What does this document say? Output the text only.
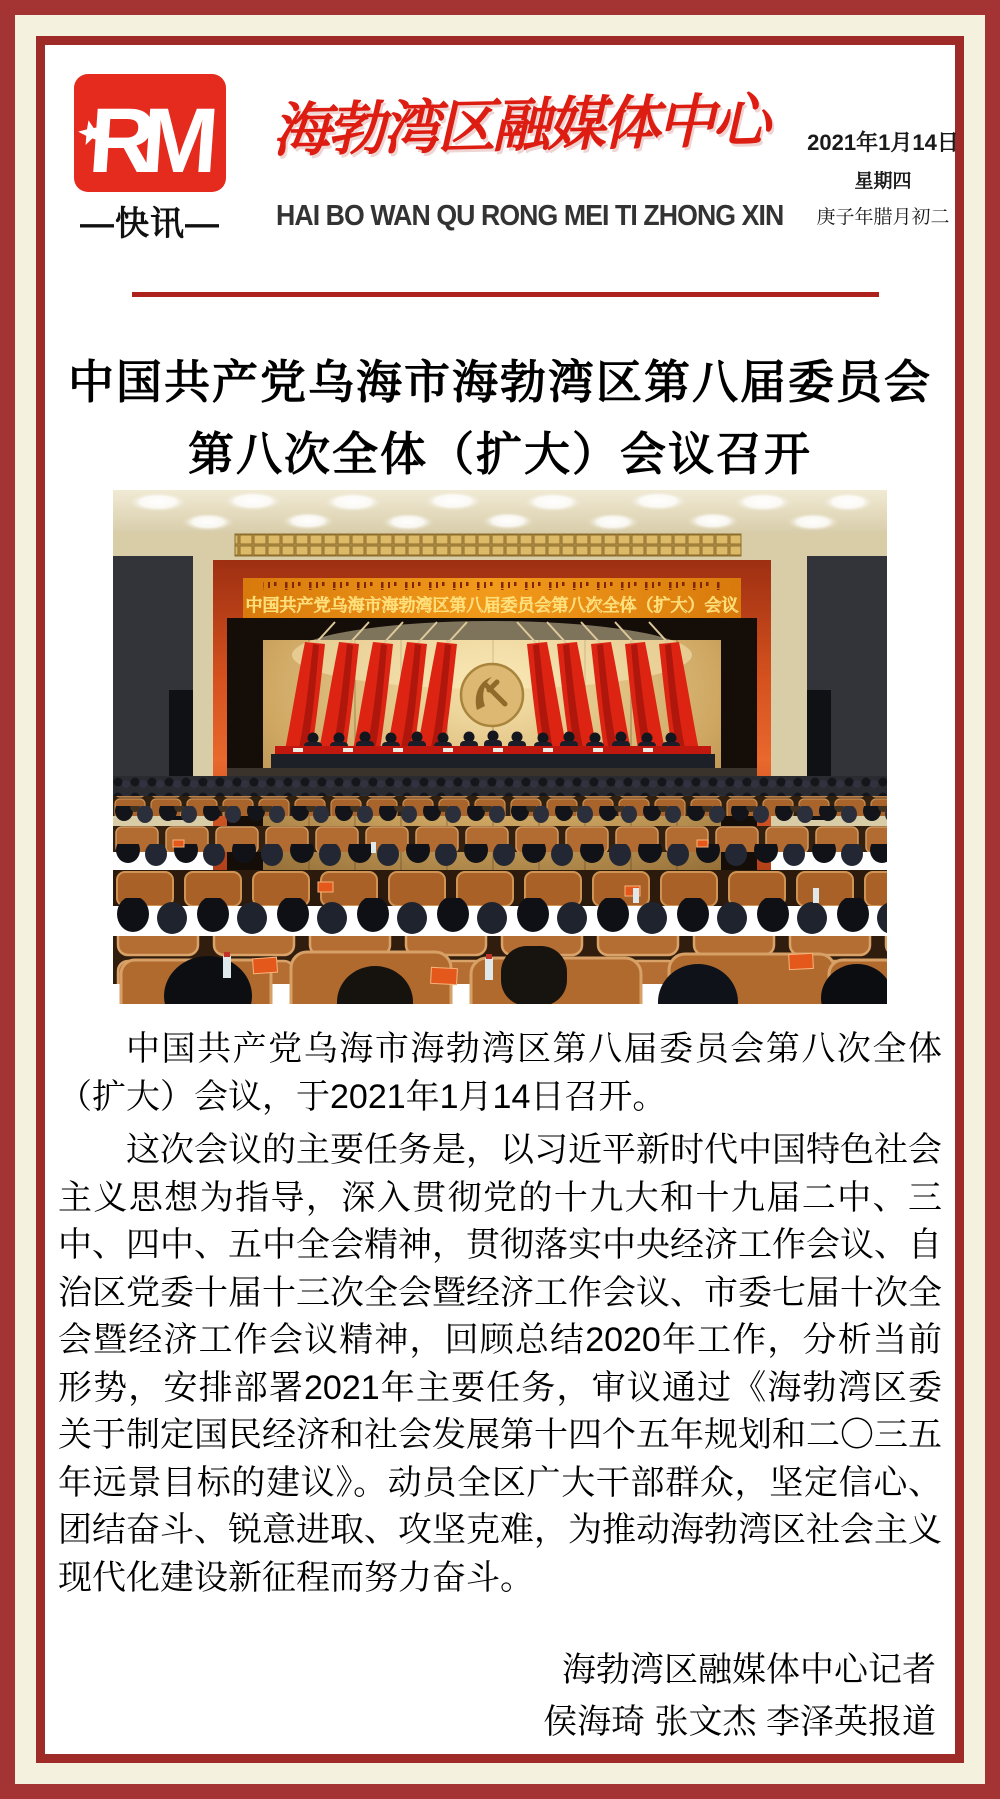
RM
—快讯—
海勃湾区融媒体中心
HAI BO WAN QU RONG MEI TI ZHONG XIN
2021年1月14日
星期四
庚子年腊月初二
中国共产党乌海市海勃湾区第八届委员会
第八次全体（扩大）会议召开
中国共产党乌海市海勃湾区第八届委员会第八次全体（扩大）会议

中国共产党乌海市海勃湾区第八届委员会第八次全体（扩大）会议，于2021年1月14日召开。

这次会议的主要任务是，以习近平新时代中国特色社会主义思想为指导，深入贯彻党的十九大和十九届二中、三中、四中、五中全会精神，贯彻落实中央经济工作会议、自治区党委十届十三次全会暨经济工作会议、市委七届十次全会暨经济工作会议精神，回顾总结2020年工作，分析当前形势，安排部署2021年主要任务，审议通过《海勃湾区委关于制定国民经济和社会发展第十四个五年规划和二〇三五年远景目标的建议》。动员全区广大干部群众，坚定信心、团结奋斗、锐意进取、攻坚克难，为推动海勃湾区社会主义现代化建设新征程而努力奋斗。

海勃湾区融媒体中心记者
侯海琦 张文杰 李泽英报道
